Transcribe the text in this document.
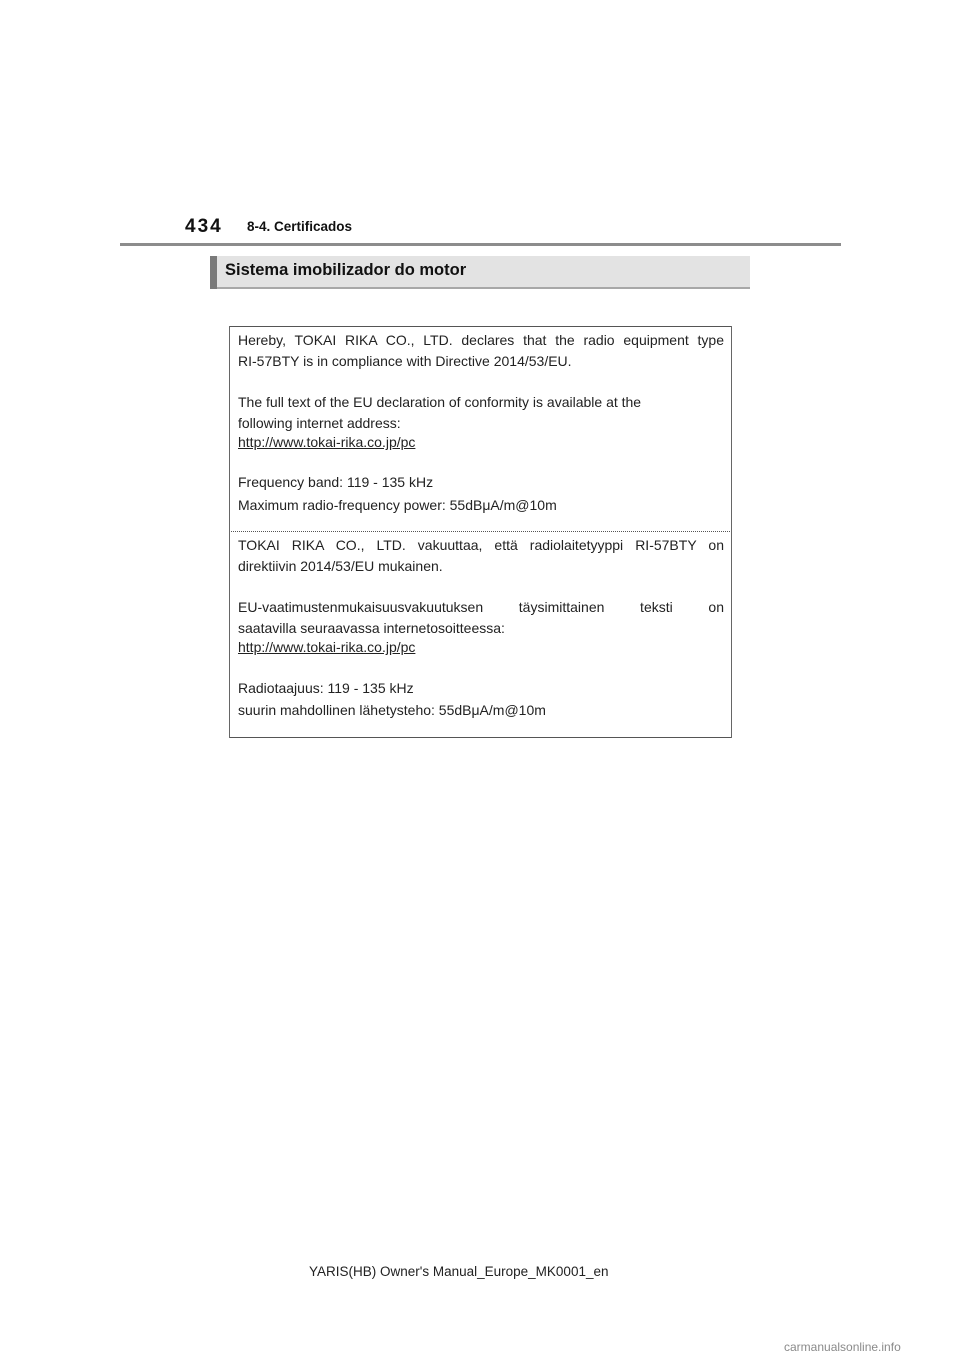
434 8-4. Certificados
Sistema imobilizador do motor

Hereby, TOKAI RIKA CO., LTD. declares that the radio equipment type

RI-57BTY is in compliance with Directive 2014/53/EU.

The full text of the EU declaration of conformity is available at the

following internet address:

http://www.tokai-rika.co.jp/pc

Frequency band: 119 - 135 kHz

Maximum radio-frequency power: 55dBμA/m@10m

TOKAI RIKA CO., LTD. vakuuttaa, että radiolaitetyyppi RI-57BTY on

direktiivin 2014/53/EU mukainen.

EU-vaatimustenmukaisuusvakuutuksen täysimittainen teksti on

saatavilla seuraavassa internetosoitteessa:

http://www.tokai-rika.co.jp/pc

Radiotaajuus: 119 - 135 kHz

suurin mahdollinen lähetysteho: 55dBμA/m@10m

YARIS(HB) Owner's Manual_Europe_MK0001_en
carmanualsonline.info
